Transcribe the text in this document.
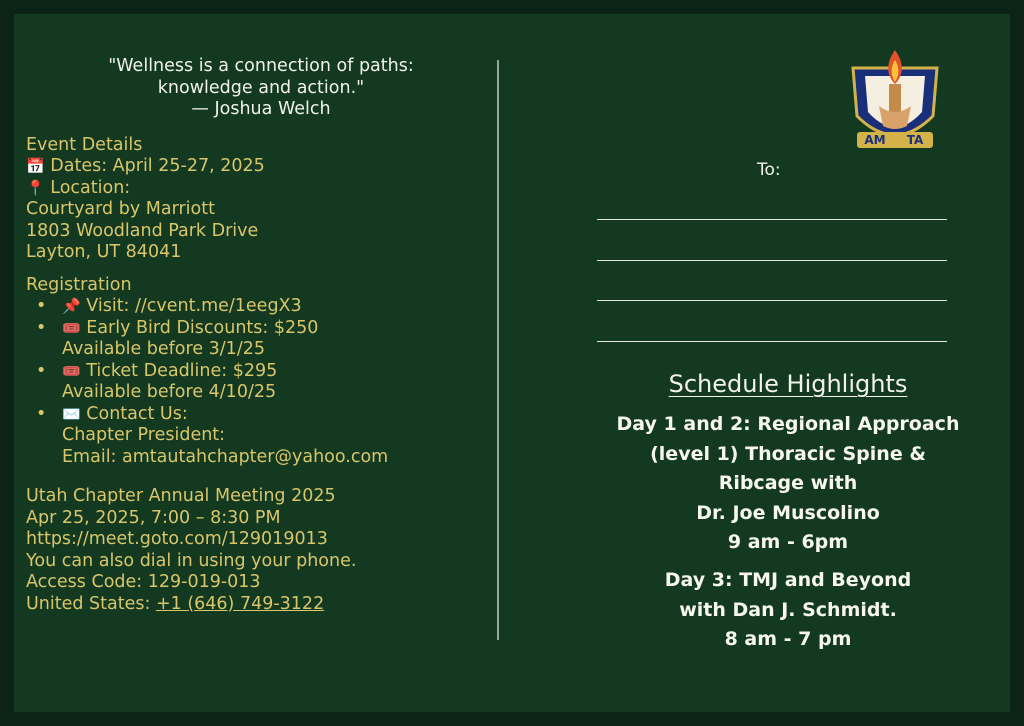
"Wellness is a connection of paths:
knowledge and action."
— Joshua Welch
Event Details
📅 Dates: April 25-27, 2025
📍 Location:
Courtyard by Marriott
1803 Woodland Park Drive
Layton, UT 84041
Registration
• 📌 Visit: //cvent.me/1eegX3
• 🎟️ Early Bird Discounts: $250
Available before 3/1/25
• 🎟️ Ticket Deadline: $295
Available before 4/10/25
• ✉️ Contact Us:
Chapter President:
Email: amtautahchapter@yahoo.com
Utah Chapter Annual Meeting 2025
Apr 25, 2025, 7:00 – 8:30 PM
https://meet.goto.com/129019013
You can also dial in using your phone.
Access Code: 129-019-013
United States: +1 (646) 749-3122
AM TA
To:
Schedule Highlights
Day 1 and 2: Regional Approach
(level 1) Thoracic Spine &
Ribcage with
Dr. Joe Muscolino
9 am - 6pm
Day 3: TMJ and Beyond
with Dan J. Schmidt.
8 am - 7 pm
